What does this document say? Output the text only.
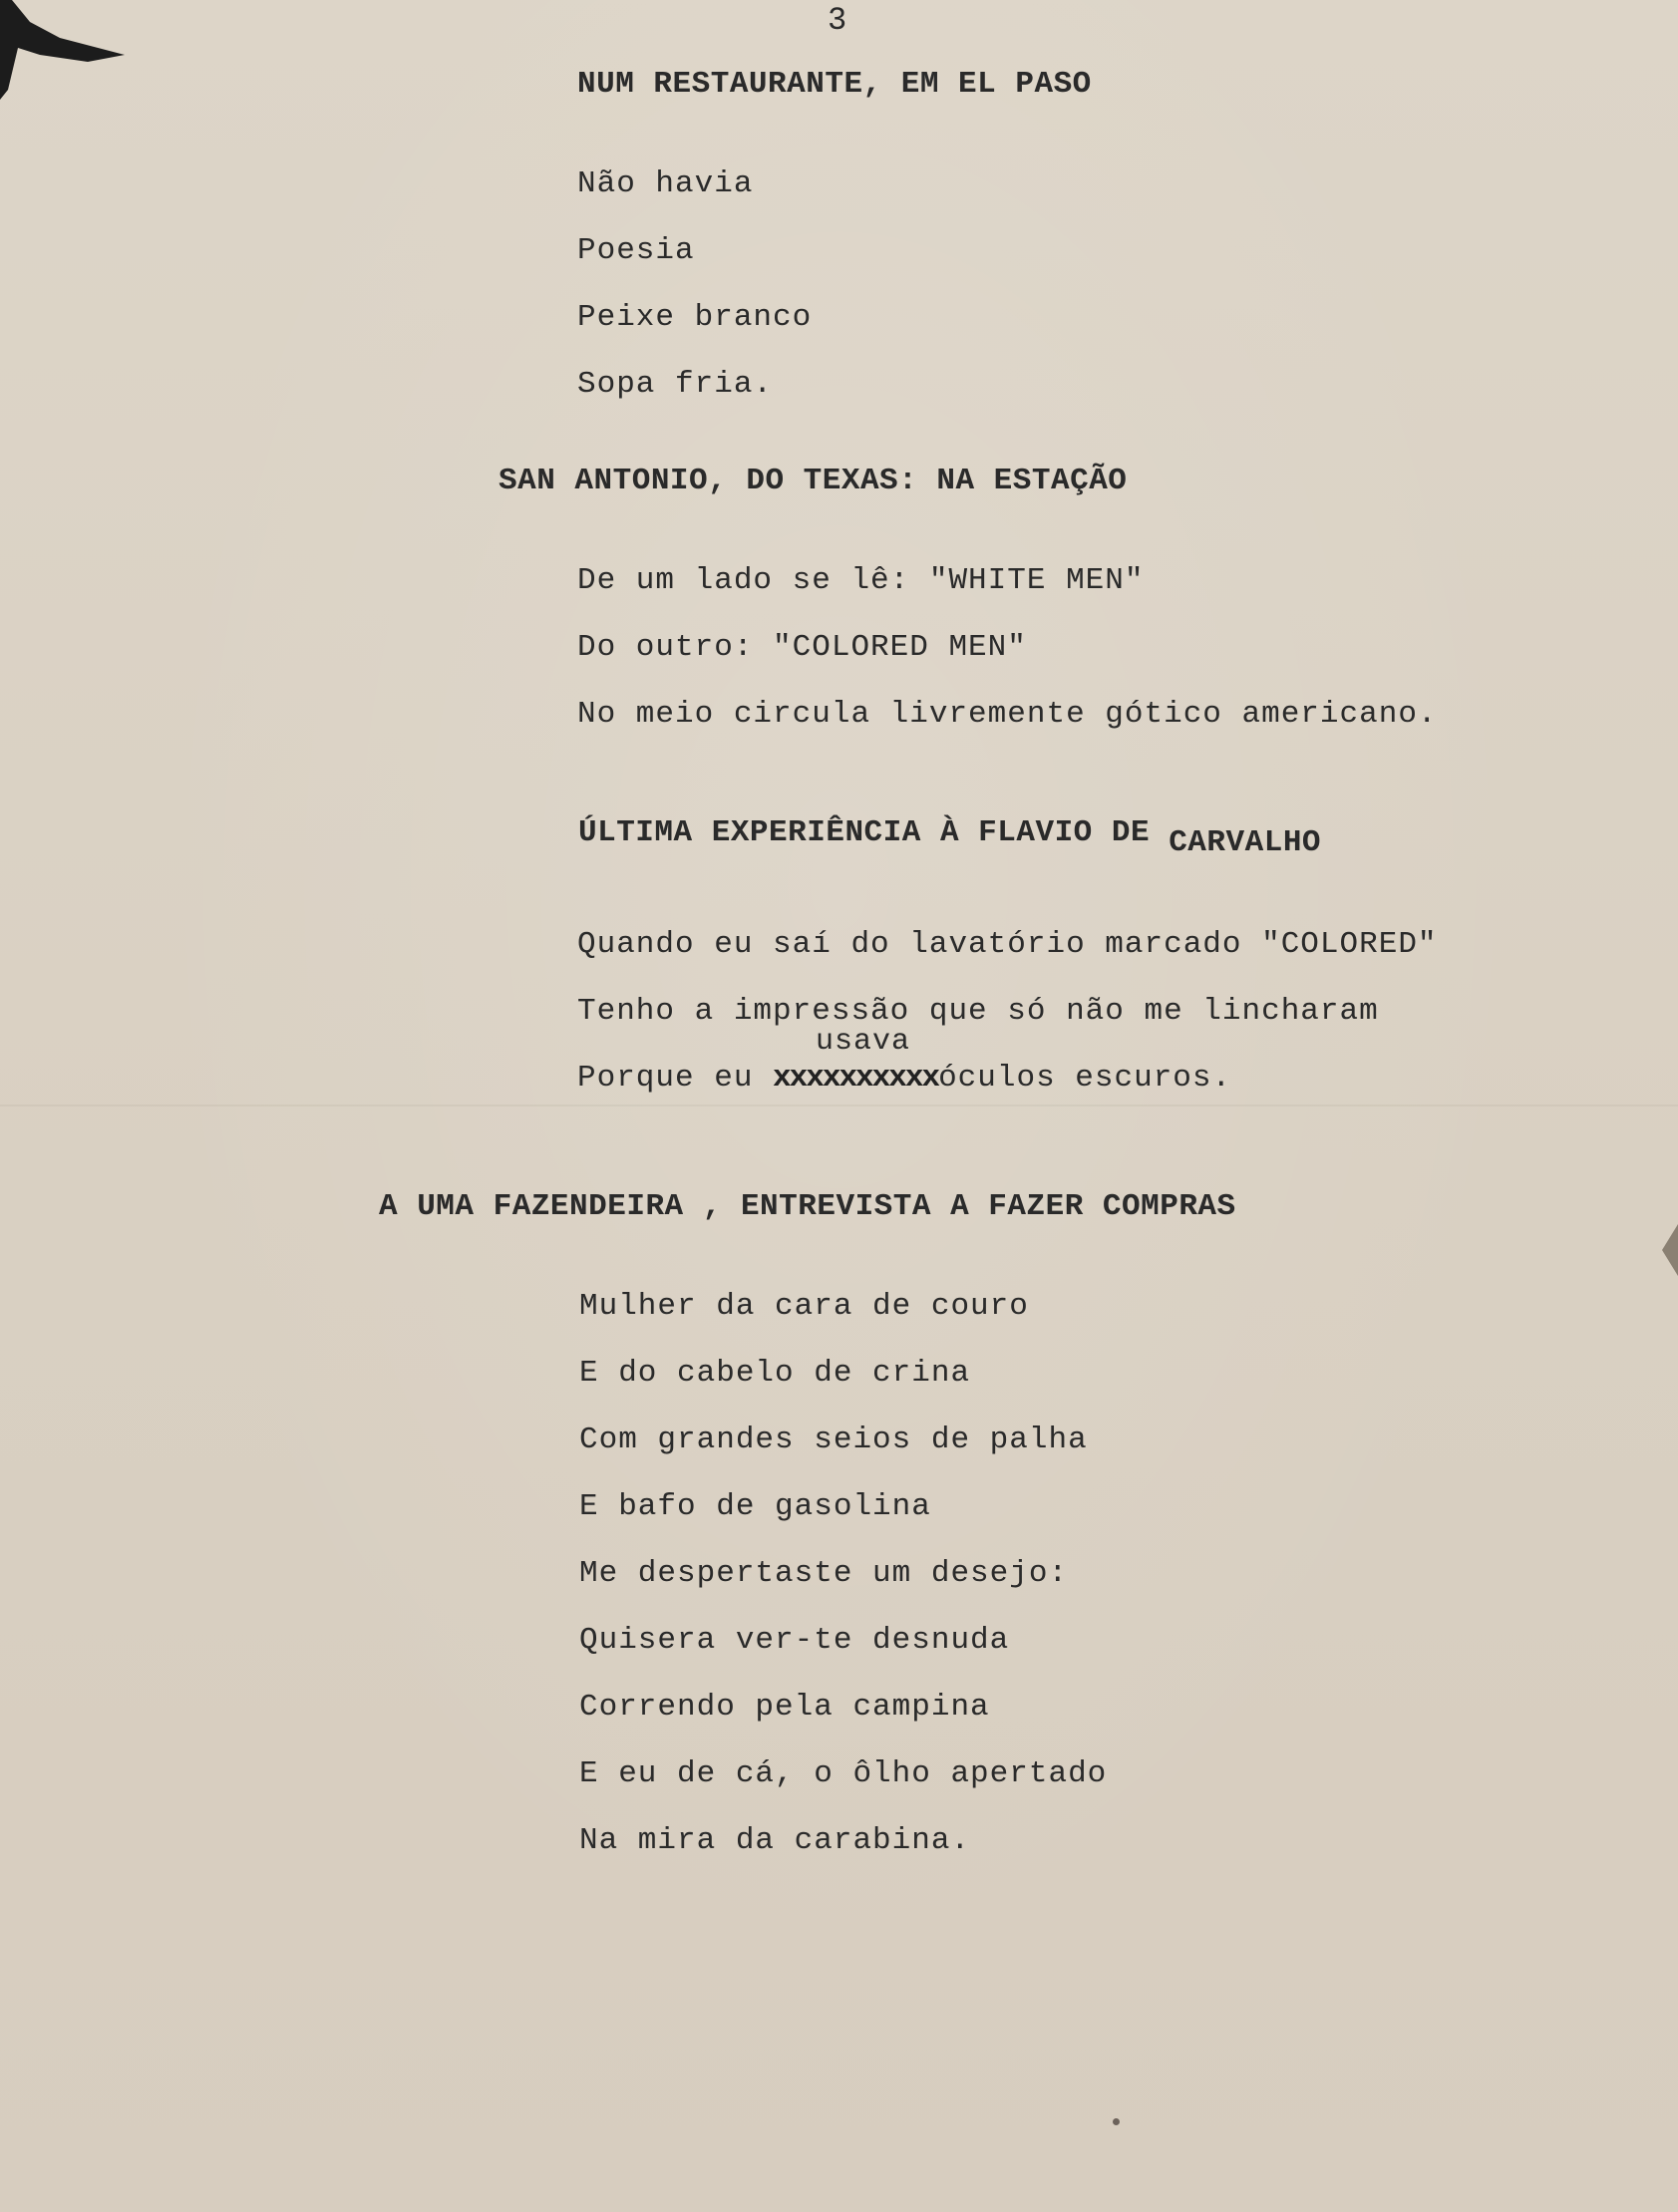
3
NUM RESTAURANTE, EM EL PASO
Não havia
Poesia
Peixe branco
Sopa fria.
SAN ANTONIO, DO TEXAS: NA ESTAÇÃO
De um lado se lê: "WHITE MEN"
Do outro: "COLORED MEN"
No meio circula livremente gótico americano.
ÚLTIMA EXPERIÊNCIA À FLAVIO DE CARVALHO
Quando eu saí do lavatório marcado "COLORED"
Tenho a impressão que só não me lincharam
usava
Porque eu xxxxxxxxxxóculos escuros.
A UMA FAZENDEIRA , ENTREVISTA A FAZER COMPRAS
Mulher da cara de couro
E do cabelo de crina
Com grandes seios de palha
E bafo de gasolina
Me despertaste um desejo:
Quisera ver-te desnuda
Correndo pela campina
E eu de cá, o ôlho apertado
Na mira da carabina.
